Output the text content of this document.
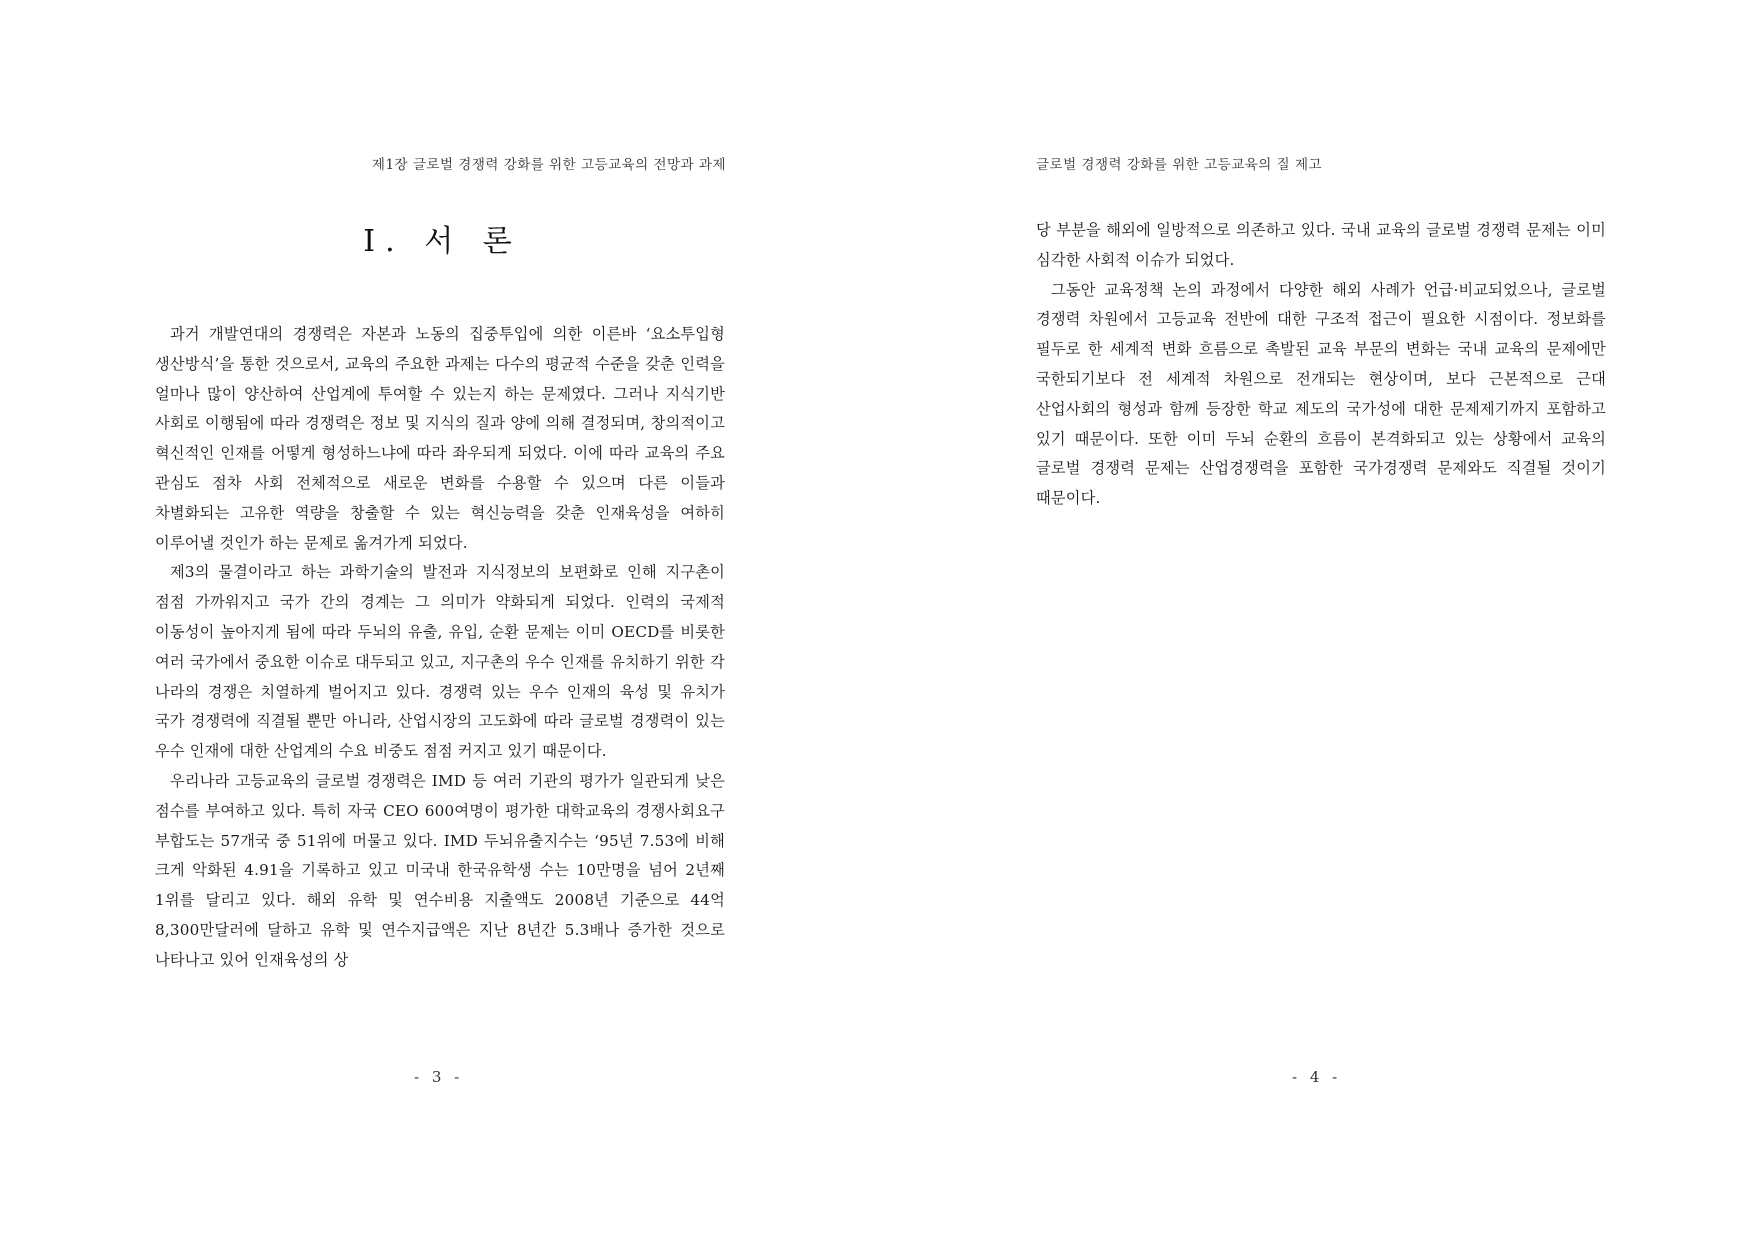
제1장 글로벌 경쟁력 강화를 위한 고등교육의 전망과 과제
Ⅰ. 서 론

과거 개발연대의 경쟁력은 자본과 노동의 집중투입에 의한 이른바 ‘요소투입형 생산방식’을 통한 것으로서, 교육의 주요한 과제는 다수의 평균적 수준을 갖춘 인력을 얼마나 많이 양산하여 산업계에 투여할 수 있는지 하는 문제였다. 그러나 지식기반 사회로 이행됨에 따라 경쟁력은 정보 및 지식의 질과 양에 의해 결정되며, 창의적이고 혁신적인 인재를 어떻게 형성하느냐에 따라 좌우되게 되었다. 이에 따라 교육의 주요 관심도 점차 사회 전체적으로 새로운 변화를 수용할 수 있으며 다른 이들과 차별화되는 고유한 역량을 창출할 수 있는 혁신능력을 갖춘 인재육성을 여하히 이루어낼 것인가 하는 문제로 옮겨가게 되었다.

제3의 물결이라고 하는 과학기술의 발전과 지식정보의 보편화로 인해 지구촌이 점점 가까워지고 국가 간의 경계는 그 의미가 약화되게 되었다. 인력의 국제적 이동성이 높아지게 됨에 따라 두뇌의 유출, 유입, 순환 문제는 이미 OECD를 비롯한 여러 국가에서 중요한 이슈로 대두되고 있고, 지구촌의 우수 인재를 유치하기 위한 각 나라의 경쟁은 치열하게 벌어지고 있다. 경쟁력 있는 우수 인재의 육성 및 유치가 국가 경쟁력에 직결될 뿐만 아니라, 산업시장의 고도화에 따라 글로벌 경쟁력이 있는 우수 인재에 대한 산업계의 수요 비중도 점점 커지고 있기 때문이다.

우리나라 고등교육의 글로벌 경쟁력은 IMD 등 여러 기관의 평가가 일관되게 낮은 점수를 부여하고 있다. 특히 자국 CEO 600여명이 평가한 대학교육의 경쟁사회요구 부합도는 57개국 중 51위에 머물고 있다. IMD 두뇌유출지수는 ‘95년 7.53에 비해 크게 악화된 4.91을 기록하고 있고 미국내 한국유학생 수는 10만명을 넘어 2년째 1위를 달리고 있다. 해외 유학 및 연수비용 지출액도 2008년 기준으로 44억 8,300만달러에 달하고 유학 및 연수지급액은 지난 8년간 5.3배나 증가한 것으로 나타나고 있어 인재육성의 상

- 3 -
글로벌 경쟁력 강화를 위한 고등교육의 질 제고

당 부분을 해외에 일방적으로 의존하고 있다. 국내 교육의 글로벌 경쟁력 문제는 이미 심각한 사회적 이슈가 되었다.

그동안 교육정책 논의 과정에서 다양한 해외 사례가 언급·비교되었으나, 글로벌 경쟁력 차원에서 고등교육 전반에 대한 구조적 접근이 필요한 시점이다. 정보화를 필두로 한 세계적 변화 흐름으로 촉발된 교육 부문의 변화는 국내 교육의 문제에만 국한되기보다 전 세계적 차원으로 전개되는 현상이며, 보다 근본적으로 근대 산업사회의 형성과 함께 등장한 학교 제도의 국가성에 대한 문제제기까지 포함하고 있기 때문이다. 또한 이미 두뇌 순환의 흐름이 본격화되고 있는 상황에서 교육의 글로벌 경쟁력 문제는 산업경쟁력을 포함한 국가경쟁력 문제와도 직결될 것이기 때문이다.

- 4 -
